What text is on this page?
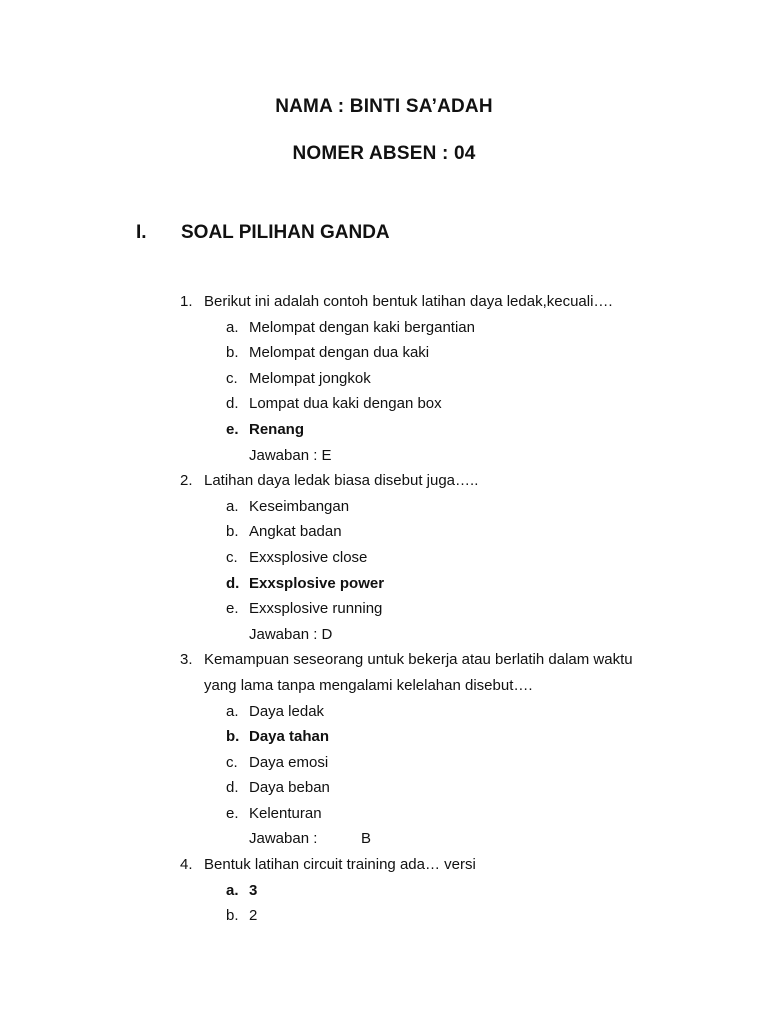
NAMA : BINTI SA’ADAH
NOMER ABSEN : 04
I. SOAL PILIHAN GANDA
1. Berikut ini adalah contoh bentuk latihan daya ledak,kecuali….
a. Melompat dengan kaki bergantian
b. Melompat dengan dua kaki
c. Melompat jongkok
d. Lompat dua kaki dengan box
e. Renang
Jawaban : E
2. Latihan daya ledak biasa disebut juga…..
a. Keseimbangan
b. Angkat badan
c. Exxsplosive close
d. Exxsplosive power
e. Exxsplosive running
Jawaban : D
3. Kemampuan seseorang untuk bekerja atau berlatih dalam waktu
yang lama tanpa mengalami kelelahan disebut….
a. Daya ledak
b. Daya tahan
c. Daya emosi
d. Daya beban
e. Kelenturan
Jawaban :	B
4. Bentuk latihan circuit training ada… versi
a. 3
b. 2
